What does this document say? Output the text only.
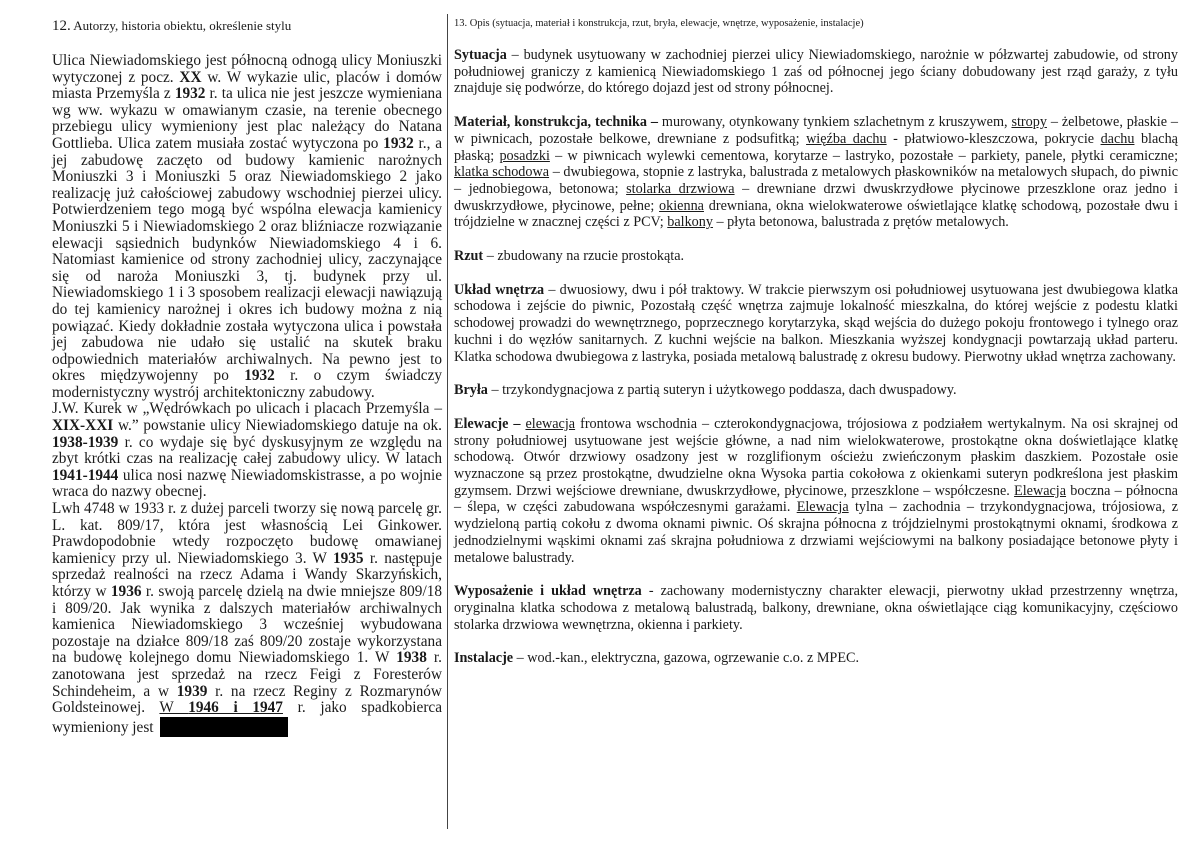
12. Autorzy, historia obiektu, określenie stylu

Ulica Niewiadomskiego jest północną odnogą ulicy Moniuszki wytyczonej z pocz. XX w. W wykazie ulic, placów i domów miasta Przemyśla z 1932 r. ta ulica nie jest jeszcze wymieniana wg ww. wykazu w omawianym czasie, na terenie obecnego przebiegu ulicy wymieniony jest plac należący do Natana Gottlieba. Ulica zatem musiała zostać wytyczona po 1932 r., a jej zabudowę zaczęto od budowy kamienic narożnych Moniuszki 3 i Moniuszki 5 oraz Niewiadomskiego 2 jako realizację już całościowej zabudowy wschodniej pierzei ulicy. Potwierdzeniem tego mogą być wspólna elewacja kamienicy Moniuszki 5 i Niewiadomskiego 2 oraz bliźniacze rozwiązanie elewacji sąsiednich budynków Niewiadomskiego 4 i 6. Natomiast kamienice od strony zachodniej ulicy, zaczynające się od naroża Moniuszki 3, tj. budynek przy ul. Niewiadomskiego 1 i 3 sposobem realizacji elewacji nawiązują do tej kamienicy narożnej i okres ich budowy można z nią powiązać. Kiedy dokładnie została wytyczona ulica i powstała jej zabudowa nie udało się ustalić na skutek braku odpowiednich materiałów archiwalnych. Na pewno jest to okres międzywojenny po 1932 r. o czym świadczy modernistyczny wystrój architektoniczny zabudowy.

J.W. Kurek w „Wędrówkach po ulicach i placach Przemyśla – XIX-XXI w.” powstanie ulicy Niewiadomskiego datuje na ok. 1938-1939 r. co wydaje się być dyskusyjnym ze względu na zbyt krótki czas na realizację całej zabudowy ulicy. W latach 1941-1944 ulica nosi nazwę Niewiadomskistrasse, a po wojnie wraca do nazwy obecnej.

Lwh 4748 w 1933 r. z dużej parceli tworzy się nową parcelę gr. L. kat. 809/17, która jest własnością Lei Ginkower. Prawdopodobnie wtedy rozpoczęto budowę omawianej kamienicy przy ul. Niewiadomskiego 3. W 1935 r. następuje sprzedaż realności na rzecz Adama i Wandy Skarzyńskich, którzy w 1936 r. swoją parcelę dzielą na dwie mniejsze 809/18 i 809/20. Jak wynika z dalszych materiałów archiwalnych kamienica Niewiadomskiego 3 wcześniej wybudowana pozostaje na działce 809/18 zaś 809/20 zostaje wykorzystana na budowę kolejnego domu Niewiadomskiego 1. W 1938 r. zanotowana jest sprzedaż na rzecz Feigi z Foresterów Schindeheim, a w 1939 r. na rzecz Reginy z Rozmarynów Goldsteinowej. W 1946 i 1947 r. jako spadkobierca wymieniony jest

13. Opis (sytuacja, materiał i konstrukcja, rzut, bryła, elewacje, wnętrze, wyposażenie, instalacje)

Sytuacja – budynek usytuowany w zachodniej pierzei ulicy Niewiadomskiego, narożnie w półzwartej zabudowie, od strony południowej graniczy z kamienicą Niewiadomskiego 1 zaś od północnej jego ściany dobudowany jest rząd garaży, z tyłu znajduje się podwórze, do którego dojazd jest od strony północnej.

Materiał, konstrukcja, technika – murowany, otynkowany tynkiem szlachetnym z kruszywem, stropy – żelbetowe, płaskie – w piwnicach, pozostałe belkowe, drewniane z podsufitką; więźba dachu - płatwiowo-kleszczowa, pokrycie dachu blachą płaską; posadzki – w piwnicach wylewki cementowa, korytarze – lastryko, pozostałe – parkiety, panele, płytki ceramiczne; klatka schodowa – dwubiegowa, stopnie z lastryka, balustrada z metalowych płaskowników na metalowych słupach, do piwnic – jednobiegowa, betonowa; stolarka drzwiowa – drewniane drzwi dwuskrzydłowe płycinowe przeszklone oraz jedno i dwuskrzydłowe, płycinowe, pełne; okienna drewniana, okna wielokwaterowe oświetlające klatkę schodową, pozostałe dwu i trójdzielne w znacznej części z PCV; balkony – płyta betonowa, balustrada z prętów metalowych.

Rzut – zbudowany na rzucie prostokąta.

Układ wnętrza – dwuosiowy, dwu i pół traktowy. W trakcie pierwszym osi południowej usytuowana jest dwubiegowa klatka schodowa i zejście do piwnic, Pozostałą część wnętrza zajmuje lokalność mieszkalna, do której wejście z podestu klatki schodowej prowadzi do wewnętrznego, poprzecznego korytarzyka, skąd wejścia do dużego pokoju frontowego i tylnego oraz kuchni i do węzłów sanitarnych. Z kuchni wejście na balkon. Mieszkania wyższej kondygnacji powtarzają układ parteru. Klatka schodowa dwubiegowa z lastryka, posiada metalową balustradę z okresu budowy. Pierwotny układ wnętrza zachowany.

Bryła – trzykondygnacjowa z partią suteryn i użytkowego poddasza, dach dwuspadowy.

Elewacje – elewacja frontowa wschodnia – czterokondygnacjowa, trójosiowa z podziałem wertykalnym. Na osi skrajnej od strony południowej usytuowane jest wejście główne, a nad nim wielokwaterowe, prostokątne okna doświetlające klatkę schodową. Otwór drzwiowy osadzony jest w rozglifionym ościeżu zwieńczonym płaskim daszkiem. Pozostałe osie wyznaczone są przez prostokątne, dwudzielne okna Wysoka partia cokołowa z okienkami suteryn podkreślona jest płaskim gzymsem. Drzwi wejściowe drewniane, dwuskrzydłowe, płycinowe, przeszklone – współczesne. Elewacja boczna – północna – ślepa, w części zabudowana współczesnymi garażami. Elewacja tylna – zachodnia – trzykondygnacjowa, trójosiowa, z wydzieloną partią cokołu z dwoma oknami piwnic. Oś skrajna północna z trójdzielnymi prostokątnymi oknami, środkowa z jednodzielnymi wąskimi oknami zaś skrajna południowa z drzwiami wejściowymi na balkony posiadające betonowe płyty i metalowe balustrady.

Wyposażenie i układ wnętrza - zachowany modernistyczny charakter elewacji, pierwotny układ przestrzenny wnętrza, oryginalna klatka schodowa z metalową balustradą, balkony, drewniane, okna oświetlające ciąg komunikacyjny, częściowo stolarka drzwiowa wewnętrzna, okienna i parkiety.

Instalacje – wod.-kan., elektryczna, gazowa, ogrzewanie c.o. z MPEC.
